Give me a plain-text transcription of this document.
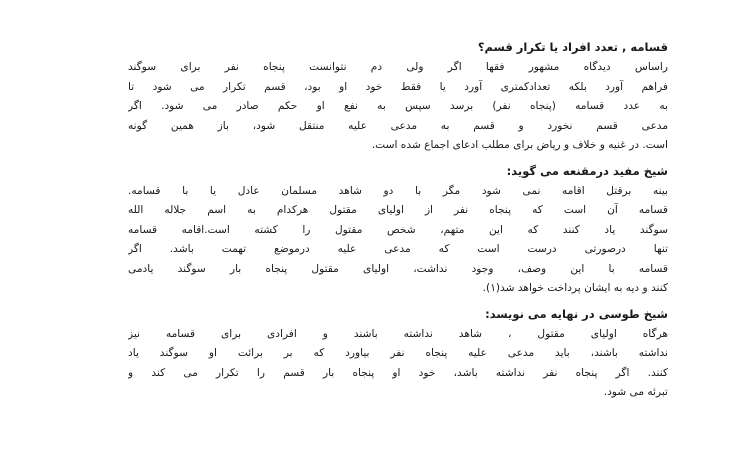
قسامه , تعدد افراد یا تکرار قسم؟
راساس دیدگاه مشهور فقها اگر ولی دم نتوانست پنجاه نفر برای سوگند
فراهم آورد بلکه تعدادکمتری آورد یا فقط خود او بود، قسم تکرار می شود تا
به عدد قسامه (پنجاه نفر) برسد سپس به نفع او حکم صادر می شود. اگر
مدعی قسم نخورد و قسم به مدعی علیه منتقل شود، باز همین گونه
است. در غنیه و خلاف و ریاض برای مطلب ادعای اجماع شده است.
شیخ مفید درمقنعه می گوید:
بینه برقتل اقامه نمی شود مگر با دو شاهد مسلمان عادل یا با قسامه.
قسامه آن است که پنجاه نفر از اولیای مقتول هرکدام به اسم جلاله الله
سوگند یاد کنند که این متهم، شخص مقتول را کشته است.اقامه قسامه
تنها درصورتی درست است که مدعی علیه درموضع تهمت باشد. اگر
قسامه با این وصف، وجود نداشت، اولیای مقتول پنجاه بار سوگند یادمی
کنند و دیه به ایشان پرداخت خواهد شد(۱).
شیخ طوسی در نهایه می نویسد:
هرگاه اولیای مقتول ، شاهد نداشته باشند و افرادی برای قسامه نیز
نداشته باشند، باید مدعی علیه پنجاه نفر بیاورد که بر برائت او سوگند یاد
کنند. اگر پنجاه نفر نداشته باشد، خود او پنجاه بار قسم را تکرار می کند و
تبرئه می شود.
